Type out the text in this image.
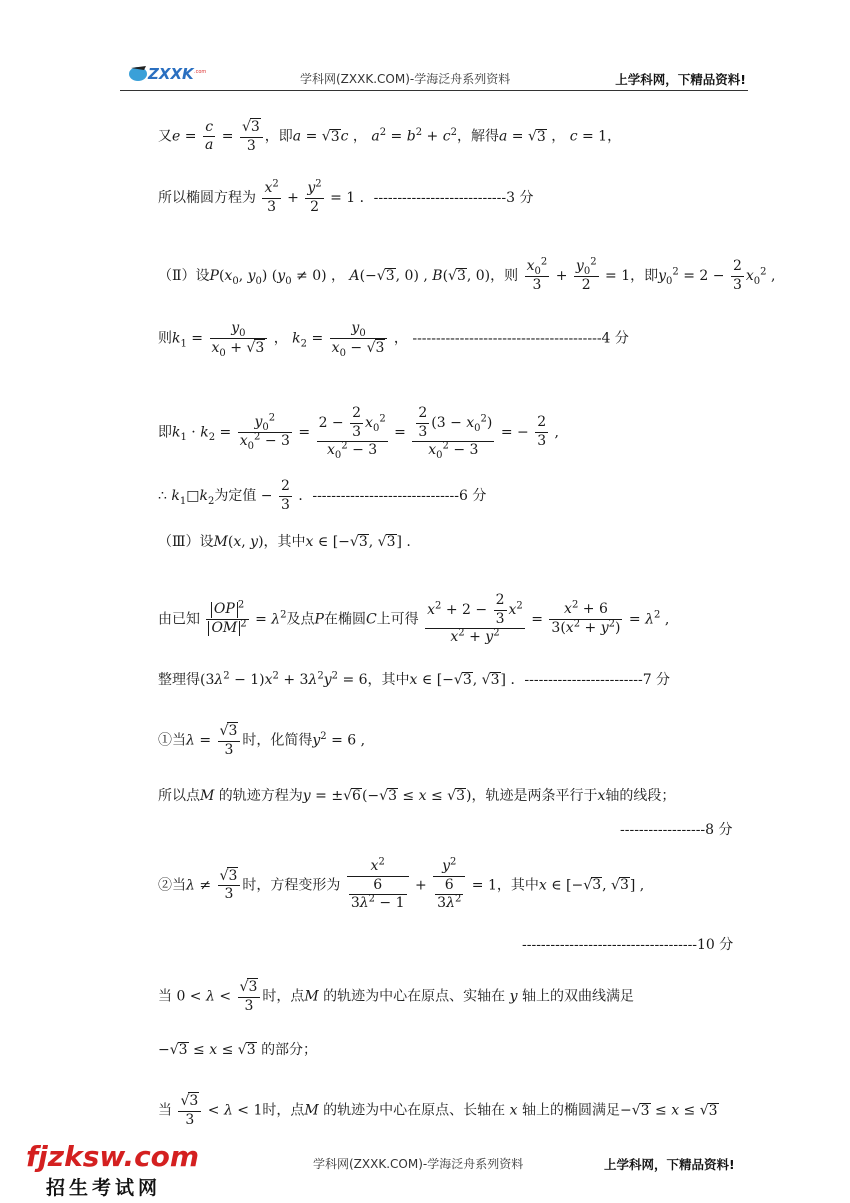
ZXXK .com	学科网(ZXXK.COM)-学海泛舟系列资料	上学科网，下精品资料!
又$e = \frac{c}{a} = \frac{√3}{3}$ ，即a = √3c ， $a^2 = b^2 + c^2$，解得a = √3 ， c = 1，
所以椭圆方程为 $\frac{x^2}{3} + \frac{y^2}{2} = 1$ ．----------------------------3 分
（Ⅱ）设$P(x_0$, $y_0$) $(y_0 \ne 0)$ ， A(−√3, 0) , B(√3, 0)，则 $\frac{x_0^2}{3} + \frac{y_0^2}{2} = 1$，即$y_0^2 = 2 - \frac{2}{3} x_0^2$ ,
则$k_1 = \frac{y_0}{x_0 + √3}$ ， $k_2 = \frac{y_0}{x_0 - √3}$ ， ----------------------------------------4 分
即$k_1 \cdot k_2 = \frac{y_0^2}{x_0^2 - 3} = \frac{2 - \frac{2}{3} x_0^2}{x_0^2 - 3} = \frac{\frac{2}{3} (3 - x_0^2)}{x_0^2 - 3}$ = − $\frac{2}{3}$ ,
∴ $k_1□k_2$为定值 − $\frac{2}{3}$ ．-------------------------------6 分
（Ⅲ）设M(x, y)，其中x ∈ [−√3, √3] .
由已知 $\frac{OP ^2}{OM ^2} = \lambda^2$及点P在椭圆C上可得 $\frac{x^2 + 2 - \frac{2}{3} x^2}{x^2 + y^2} = \frac{x^2 + 6}{3(x^2 + y^2)} = \lambda^2$ ,
整理得$(3\lambda^2 - 1)x^2 + 3\lambda^2y^2 = 6$，其中x ∈ [−√3, √3] ．-------------------------7 分
①当$\lambda = \frac{√3}{3}$ 时，化简得$y^2 = 6$ ,
所以点M 的轨迹方程为y = ±√6(−√3 ≤ x ≤ √3)，轨迹是两条平行于x轴的线段；
------------------8 分
②当$\lambda \ne \frac{√3}{3}$ 时，方程变形为 $\frac{x^2}{\frac{6}{3\lambda^2 - 1}} + \frac{y^2}{\frac{6}{3\lambda^2}} = 1$，其中x ∈ [−√3, √3] ,
-------------------------------------10 分
当 $0 < \lambda < \frac{√3}{3}$ 时，点M 的轨迹为中心在原点、实轴在 y 轴上的双曲线满足
−√3 ≤ x ≤ √3 的部分；
当 $\frac{√3}{3} < \lambda < 1$时，点M 的轨迹为中心在原点、长轴在 x 轴上的椭圆满足−√3 ≤ x ≤ √3
fjzksw.com
招生考试网
学科网(ZXXK.COM)-学海泛舟系列资料	上学科网，下精品资料!
